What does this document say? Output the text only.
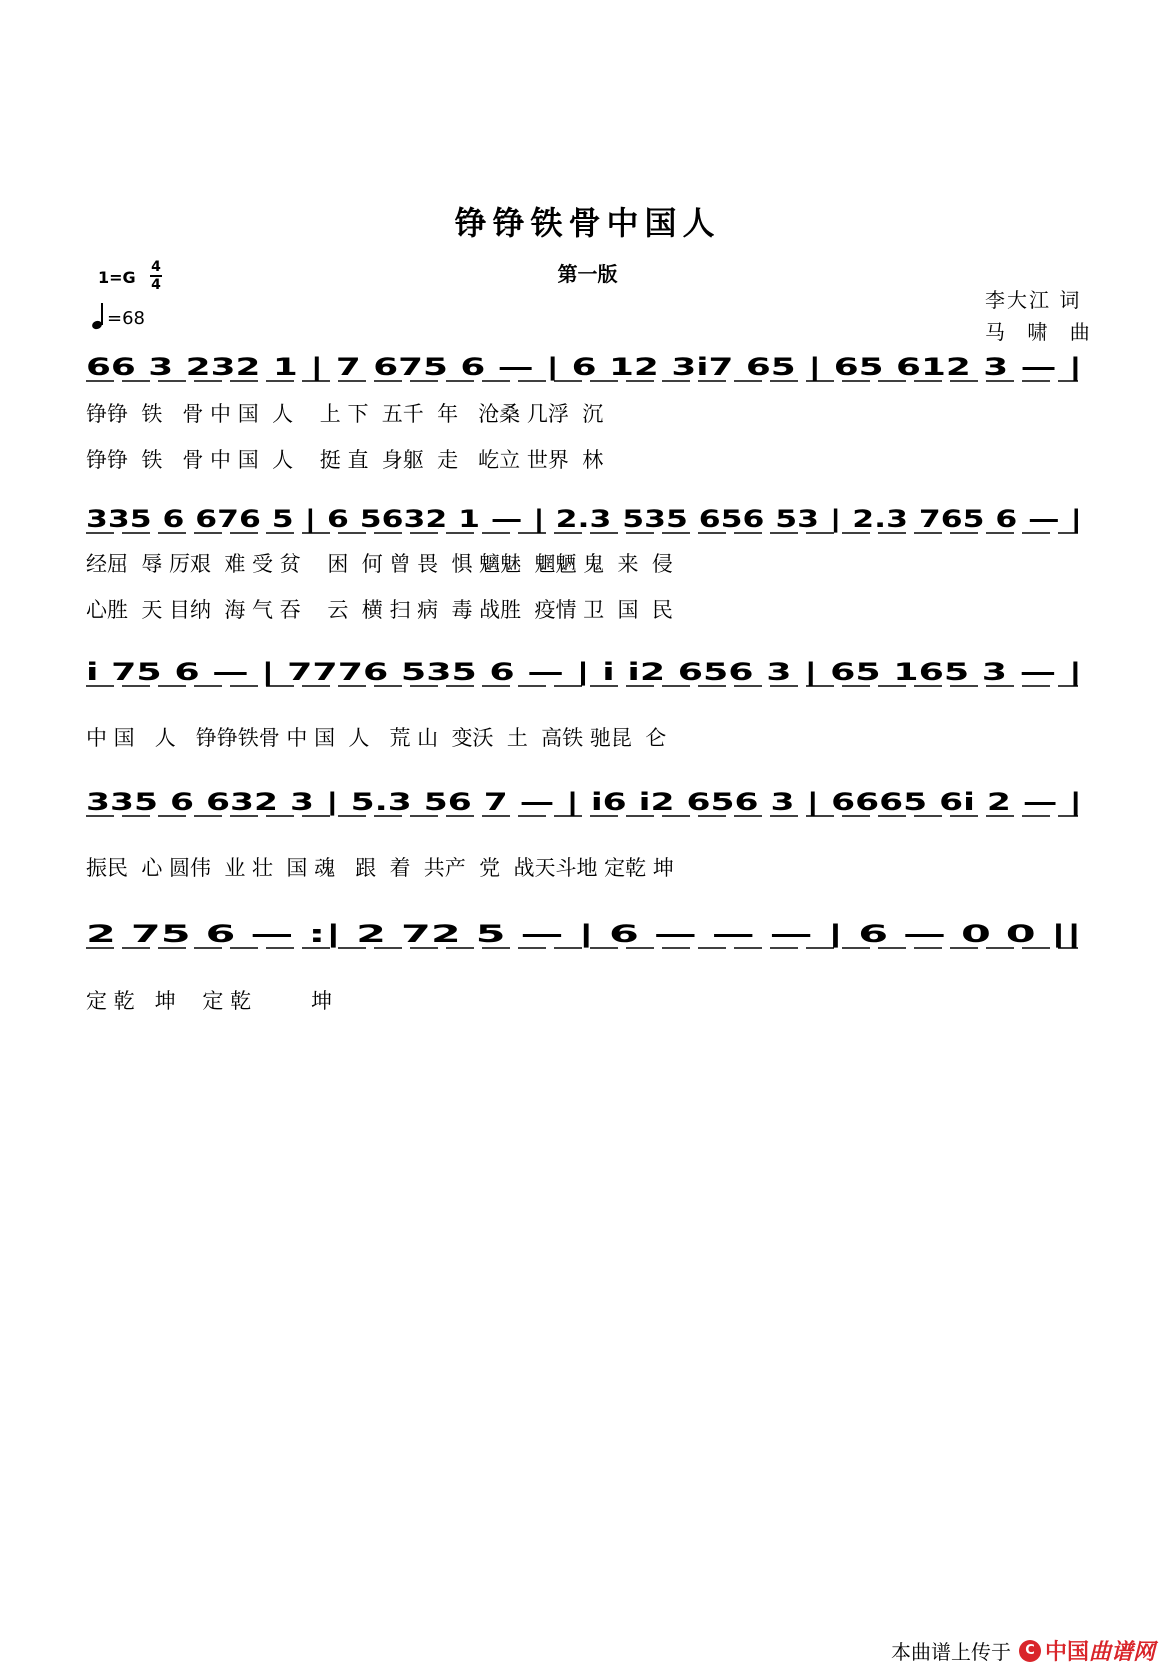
铮铮铁骨中国人
第一版
1=G
4
4
= 68
李大江 词
马 啸 曲
66 3 232 1 | 7 675 6 — | 6 12 3i7 65 | 65 612 3 — |
335 6 676 5 | 6 5632 1 — | 2.3 535 656 53 | 2.3 765 6 — |
i 75 6 — | 7776 535 6 — | i i2 656 3 | 65 165 3 — |
335 6 632 3 | 5.3 56 7 — | i6 i2 656 3 | 6665 6i 2 — |
2 75 6 — :| 2 72 5 — | 6 — — — | 6 — 0 0 ||
铮铮  铁   骨 中 国  人    上 下  五千  年   沧桑 几浮  沉
铮铮  铁   骨 中 国  人    挺 直  身躯  走   屹立 世界  林
经屈  辱 厉艰  难 受 贫    困  何 曾 畏  惧 魑魅  魍魉 鬼  来  侵
心胜  天 目纳  海 气 吞    云  横 扫 病  毒 战胜  疫情 卫  国  民
中 国   人   铮铮铁骨 中 国  人   荒 山  变沃  土  高铁 驰昆  仑
振民  心 圆伟  业 壮  国 魂   跟  着  共产  党  战天斗地 定乾 坤
定 乾   坤    定 乾         坤
本曲谱上传于	C 中国 曲谱网
